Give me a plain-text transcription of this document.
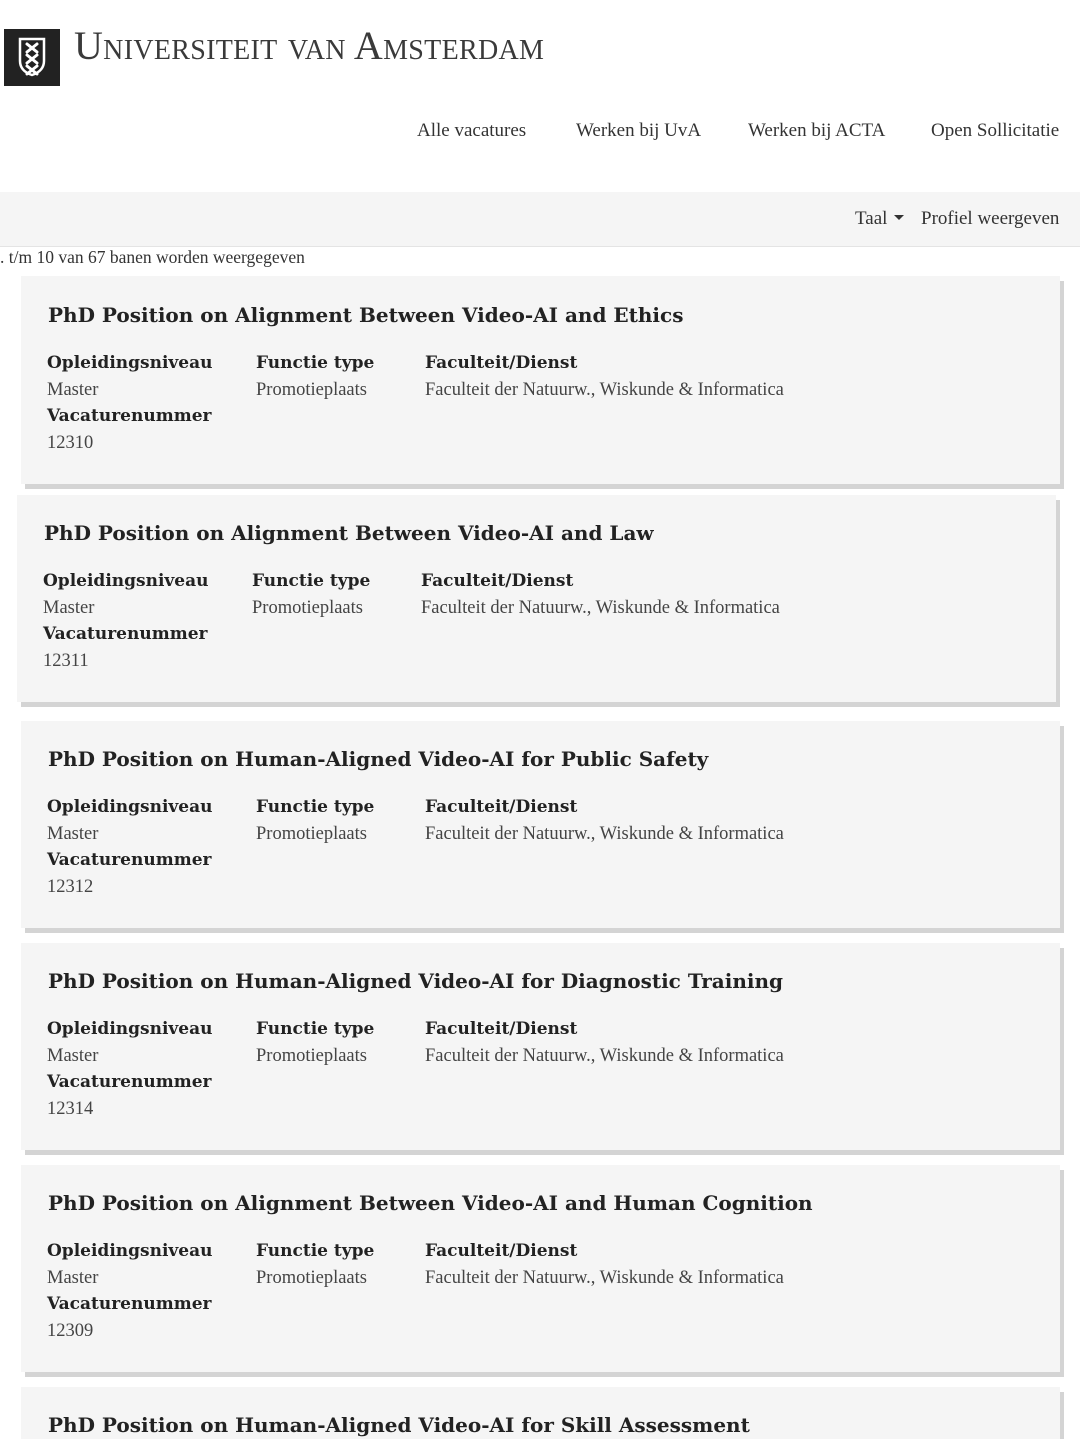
Universiteit van Amsterdam
Alle vacatures	Werken bij UvA Werken bij ACTA Open Sollicitatie
Taal	Profiel weergeven
. t/m 10 van 67 banen worden weergegeven
PhD Position on Alignment Between Video-AI and Ethics
Opleidingsniveau	Functie type	Faculteit/Dienst
Master	Promotieplaats	Faculteit der Natuurw., Wiskunde & Informatica
Vacaturenummer
12310
PhD Position on Alignment Between Video-AI and Law
Opleidingsniveau	Functie type	Faculteit/Dienst
Master	Promotieplaats	Faculteit der Natuurw., Wiskunde & Informatica
Vacaturenummer
12311
PhD Position on Human-Aligned Video-AI for Public Safety
Opleidingsniveau	Functie type	Faculteit/Dienst
Master	Promotieplaats	Faculteit der Natuurw., Wiskunde & Informatica
Vacaturenummer
12312
PhD Position on Human-Aligned Video-AI for Diagnostic Training
Opleidingsniveau	Functie type	Faculteit/Dienst
Master	Promotieplaats	Faculteit der Natuurw., Wiskunde & Informatica
Vacaturenummer
12314
PhD Position on Alignment Between Video-AI and Human Cognition
Opleidingsniveau	Functie type	Faculteit/Dienst
Master	Promotieplaats	Faculteit der Natuurw., Wiskunde & Informatica
Vacaturenummer
12309
PhD Position on Human-Aligned Video-AI for Skill Assessment
